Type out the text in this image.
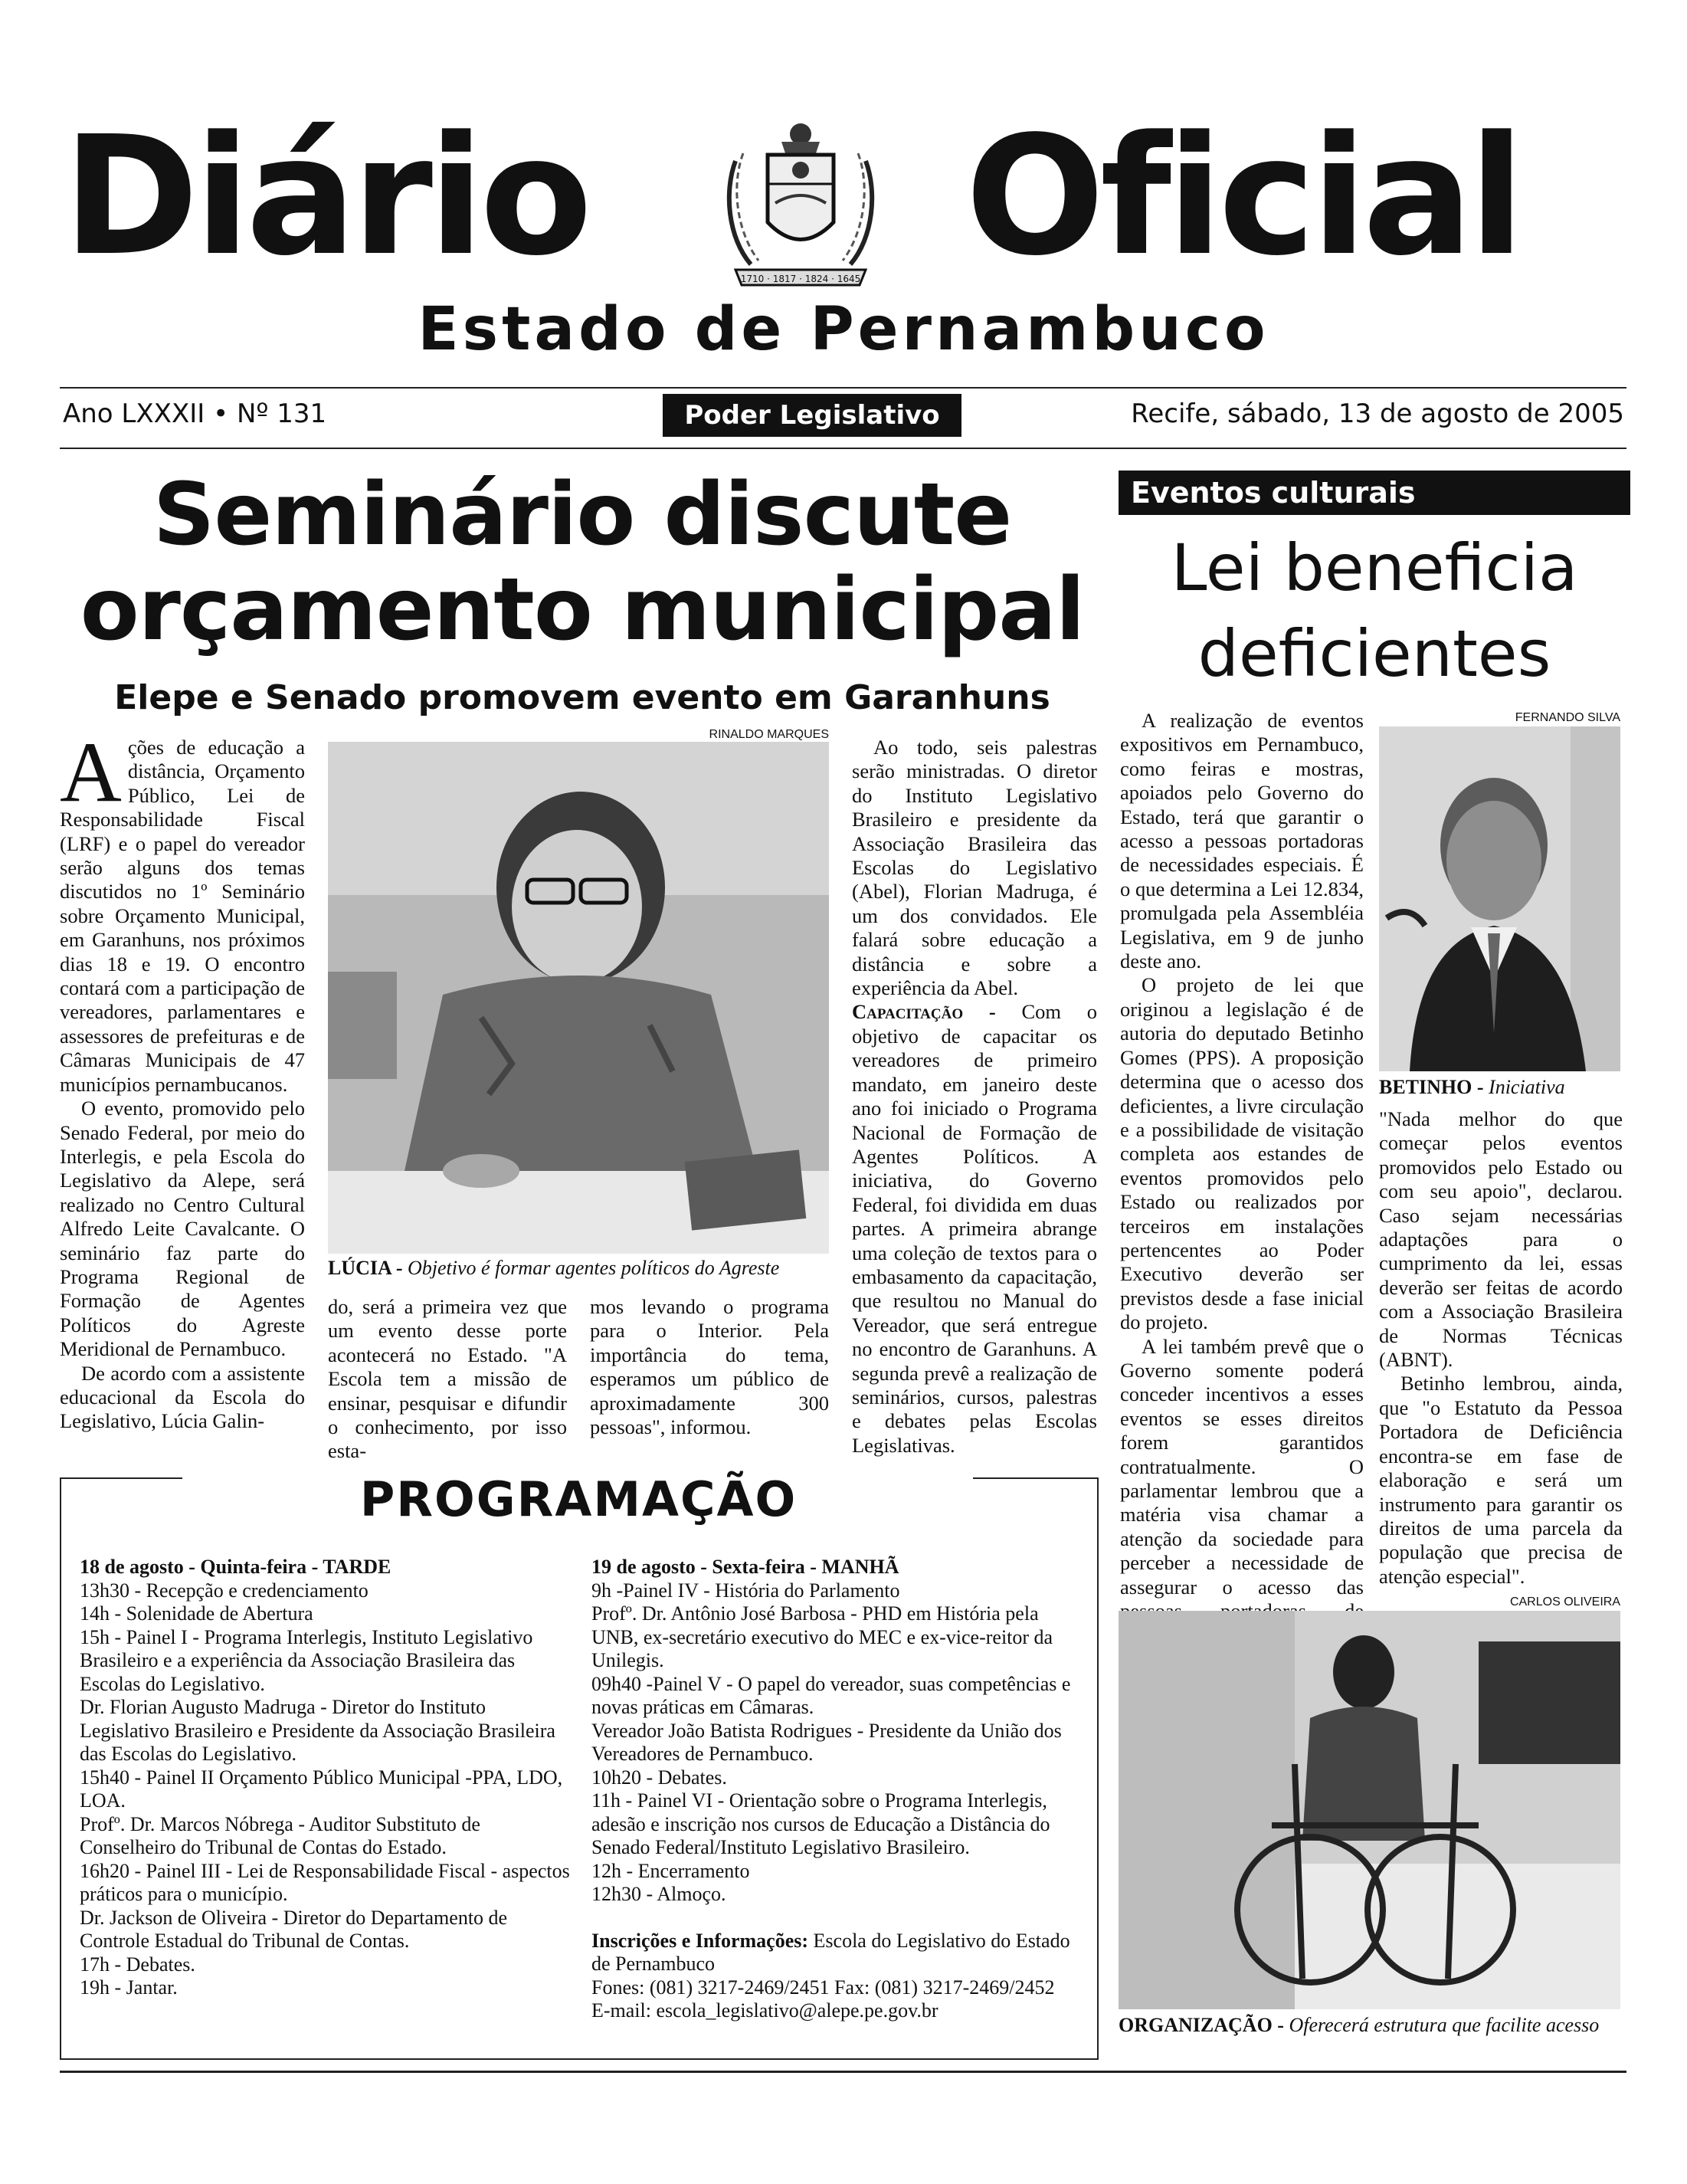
Diário Oficial
1710 · 1817 · 1824 · 1645
Estado de Pernambuco
Ano LXXXII • Nº 131	Poder Legislativo	Recife, sábado, 13 de agosto de 2005
Seminário discute
orçamento municipal
Elepe e Senado promovem evento em Garanhuns

Ações de educação a distância, Orçamento Público, Lei de Responsabilidade Fiscal (LRF) e o papel do vereador serão alguns dos temas discutidos no 1º Seminário sobre Orçamento Municipal, em Garanhuns, nos próximos dias 18 e 19. O encontro contará com a participação de vereadores, parlamentares e assessores de prefeituras e de Câmaras Municipais de 47 municípios pernambucanos.

O evento, promovido pelo Senado Federal, por meio do Interlegis, e pela Escola do Legislativo da Alepe, será realizado no Centro Cultural Alfredo Leite Cavalcante. O seminário faz parte do Programa Regional de Formação de Agentes Políticos do Agreste Meridional de Pernambuco.

De acordo com a assistente educacional da Escola do Legislativo, Lúcia Galin-

RINALDO MARQUES
LÚCIA - Objetivo é formar agentes políticos do Agreste

do, será a primeira vez que um evento desse porte acontecerá no Estado. "A Escola tem a missão de ensinar, pesquisar e difundir o conhecimento, por isso esta-

mos levando o programa para o Interior. Pela importância do tema, esperamos um público de aproximadamente 300 pessoas", informou.

Ao todo, seis palestras serão ministradas. O diretor do Instituto Legislativo Brasileiro e presidente da Associação Brasileira das Escolas do Legislativo (Abel), Florian Madruga, é um dos convidados. Ele falará sobre educação a distância e sobre a experiência da Abel.

Capacitação - Com o objetivo de capacitar os vereadores de primeiro mandato, em janeiro deste ano foi iniciado o Programa Nacional de Formação de Agentes Políticos. A iniciativa, do Governo Federal, foi dividida em duas partes. A primeira abrange uma coleção de textos para o embasamento da capacitação, que resultou no Manual do Vereador, que será entregue no encontro de Garanhuns. A segunda prevê a realização de seminários, cursos, palestras e debates pelas Escolas Legislativas.

PROGRAMAÇÃO
18 de agosto - Quinta-feira - TARDE
13h30 - Recepção e credenciamento
14h - Solenidade de Abertura
15h - Painel I - Programa Interlegis, Instituto Legislativo Brasileiro e a experiência da Associação Brasileira das Escolas do Legislativo.
Dr. Florian Augusto Madruga - Diretor do Instituto Legislativo Brasileiro e Presidente da Associação Brasileira das Escolas do Legislativo.
15h40 - Painel II Orçamento Público Municipal -PPA, LDO, LOA.
Profº. Dr. Marcos Nóbrega - Auditor Substituto de Conselheiro do Tribunal de Contas do Estado.
16h20 - Painel III - Lei de Responsabilidade Fiscal - aspectos práticos para o município.
Dr. Jackson de Oliveira - Diretor do Departamento de Controle Estadual do Tribunal de Contas.
17h - Debates.
19h - Jantar.
19 de agosto - Sexta-feira - MANHÃ
9h -Painel IV - História do Parlamento
Profº. Dr. Antônio José Barbosa - PHD em História pela UNB, ex-secretário executivo do MEC e ex-vice-reitor da Unilegis.
09h40 -Painel V - O papel do vereador, suas competências e novas práticas em Câmaras.
Vereador João Batista Rodrigues - Presidente da União dos Vereadores de Pernambuco.
10h20 - Debates.
11h - Painel VI - Orientação sobre o Programa Interlegis, adesão e inscrição nos cursos de Educação a Distância do Senado Federal/Instituto Legislativo Brasileiro.
12h - Encerramento
12h30 - Almoço.
Inscrições e Informações: Escola do Legislativo do Estado de Pernambuco
Fones: (081) 3217-2469/2451 Fax: (081) 3217-2469/2452
E-mail: escola_legislativo@alepe.pe.gov.br
Eventos culturais
Lei beneficia
deficientes

A realização de eventos expositivos em Pernambuco, como feiras e mostras, apoiados pelo Governo do Estado, terá que garantir o acesso a pessoas portadoras de necessidades especiais. É o que determina a Lei 12.834, promulgada pela Assembléia Legislativa, em 9 de junho deste ano.

O projeto de lei que originou a legislação é de autoria do deputado Betinho Gomes (PPS). A proposição determina que o acesso dos deficientes, a livre circulação e a possibilidade de visitação completa aos estandes de eventos promovidos pelo Estado ou realizados por terceiros em instalações pertencentes ao Poder Executivo deverão ser previstos desde a fase inicial do projeto.

A lei também prevê que o Governo somente poderá conceder incentivos a esses eventos se esses direitos forem garantidos contratualmente. O parlamentar lembrou que a matéria visa chamar a atenção da sociedade para perceber a necessidade de assegurar o acesso das

FERNANDO SILVA
BETINHO - Iniciativa

"Nada melhor do que começar pelos eventos promovidos pelo Estado ou com seu apoio", declarou. Caso sejam necessárias adaptações para o cumprimento da lei, essas deverão ser feitas de acordo com a Associação Brasileira de Normas Técnicas (ABNT).

Betinho lembrou, ainda, que "o Estatuto da Pessoa Portadora de Deficiência encontra-se em fase de elaboração e será um instrumento para garantir os direitos de uma parcela da população que precisa de atenção especial".

CARLOS OLIVEIRA
ORGANIZAÇÃO - Oferecerá estrutura que facilite acesso
